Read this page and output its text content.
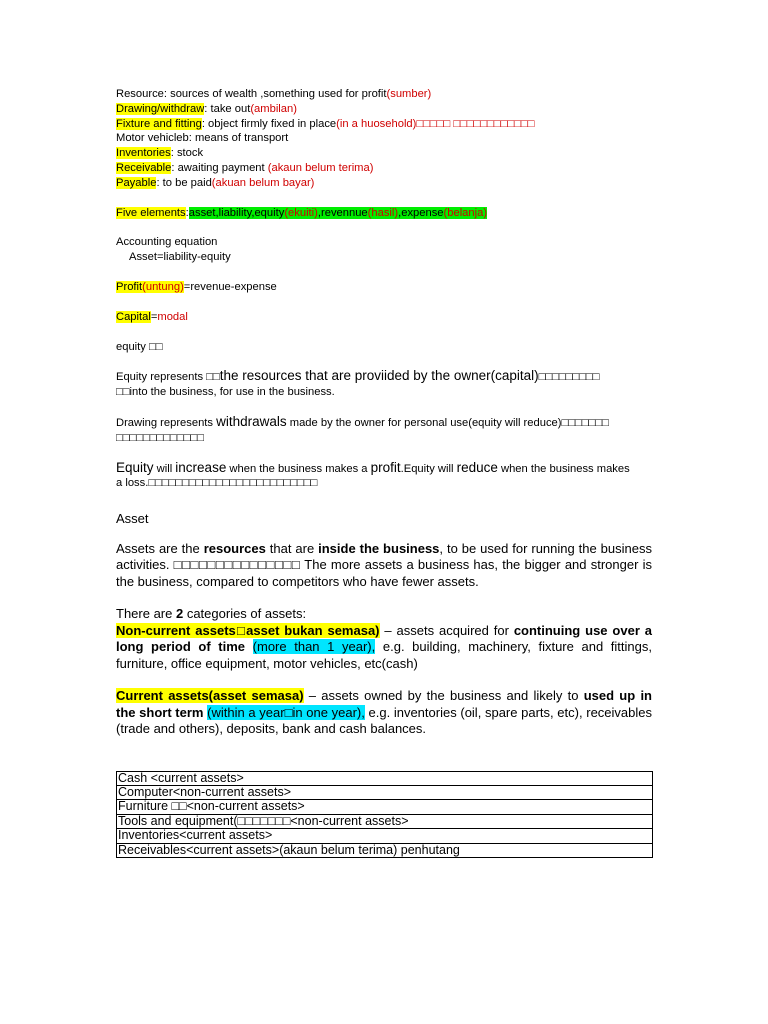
Resource: sources of wealth ,something used for profit(sumber)
Drawing/withdraw: take out(ambilan)
Fixture and fitting: object firmly fixed in place(in a huosehold)□□□□□ □□□□□□□□□□□□
Motor vehicleb: means of transport
Inventories: stock
Receivable: awaiting payment (akaun belum terima)
Payable: to be paid(akuan belum bayar)
Five elements:asset,liability,equity(ekuiti),revennue(hasil),expense(belanja)
Accounting equation
Asset=liability-equity
Profit(untung)=revenue-expense
Capital=modal
equity □□
Equity represents □□the resources that are proviided by the owner(capital)□□□□□□□□□
□□into the business, for use in the business.
Drawing represents withdrawals made by the owner for personal use(equity will reduce)□□□□□□□
□□□□□□□□□□□□□
Equity will increase when the business makes a profit.Equity will reduce when the business makes
a loss.□□□□□□□□□□□□□□□□□□□□□□□□□
Asset
Assets are the resources that are inside the business, to be used for running the business activities. □□□□□□□□□□□□□□□ The more assets a business has, the bigger and stronger is the business, compared to competitors who have fewer assets.
There are 2 categories of assets:
Non-current assets□asset bukan semasa) – assets acquired for continuing use over a long period of time (more than 1 year), e.g. building, machinery, fixture and fittings, furniture, office equipment, motor vehicles, etc(cash)
Current assets(asset semasa) – assets owned by the business and likely to used up in the short term (within a year□in one year), e.g. inventories (oil, spare parts, etc), receivables (trade and others), deposits, bank and cash balances.
Cash <current assets>
Computer<non-current assets>
Furniture □□<non-current assets>
Tools and equipment(□□□□□□□<non-current assets>
Inventories<current assets>
Receivables<current assets>(akaun belum terima) penhutang
